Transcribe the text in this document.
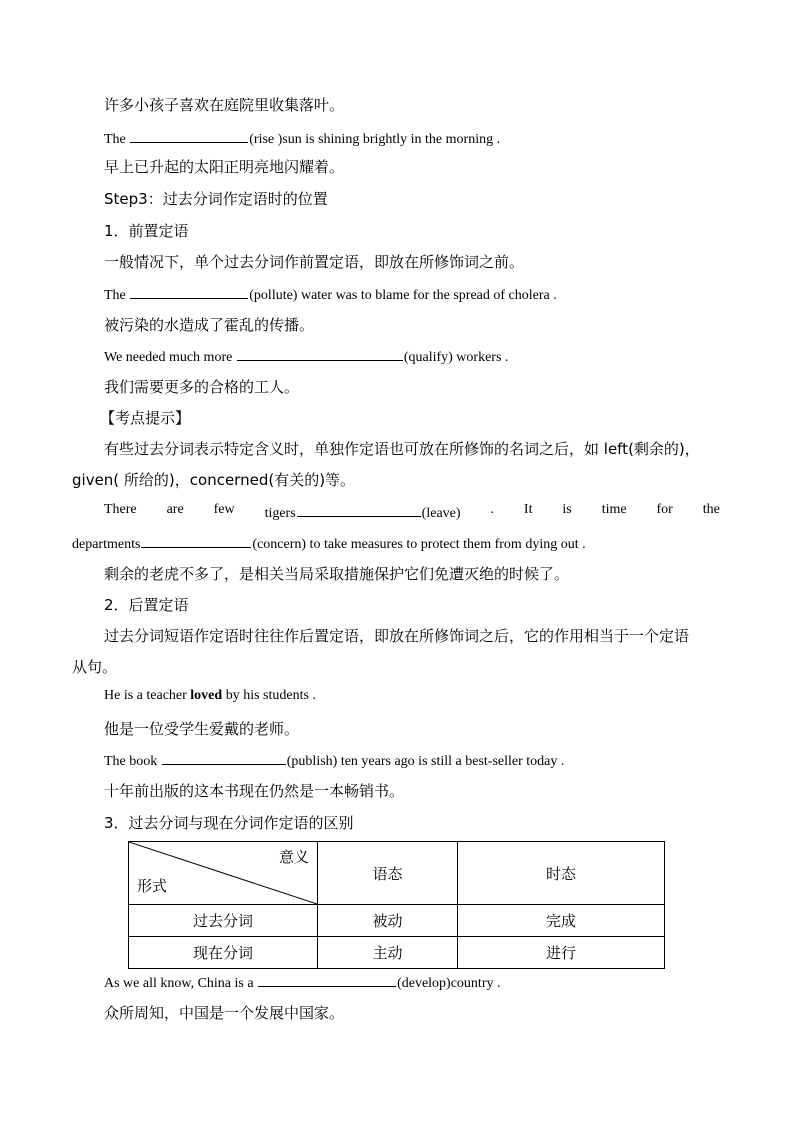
许多小孩子喜欢在庭院里收集落叶。
The	(rise )sun is shining brightly in the morning .
早上已升起的太阳正明亮地闪耀着。
Step3：过去分词作定语时的位置
1．前置定语
一般情况下，单个过去分词作前置定语，即放在所修饰词之前。
The	(pollute) water was to blame for the spread of cholera .
被污染的水造成了霍乱的传播。
We needed much more	(qualify) workers .
我们需要更多的合格的工人。
【考点提示】
有些过去分词表示特定含义时，单独作定语也可放在所修饰的名词之后，如 left(剩余的)，
given( 所给的)，concerned(有关的)等。
There are few tigers	(leave) . It is time for the
departments	(concern) to take measures to protect them from dying out .
剩余的老虎不多了，是相关当局采取措施保护它们免遭灭绝的时候了。
2．后置定语
过去分词短语作定语时往往作后置定语，即放在所修饰词之后，它的作用相当于一个定语
从句。
He is a teacher loved by his students .
他是一位受学生爱戴的老师。
The book	(publish) ten years ago is still a best-seller today .
十年前出版的这本书现在仍然是一本畅销书。
3．过去分词与现在分词作定语的区别
意义
形式	语态	时态
过去分词	被动	完成
现在分词	主动	进行
As we all know, China is a	(develop)country .
众所周知，中国是一个发展中国家。
